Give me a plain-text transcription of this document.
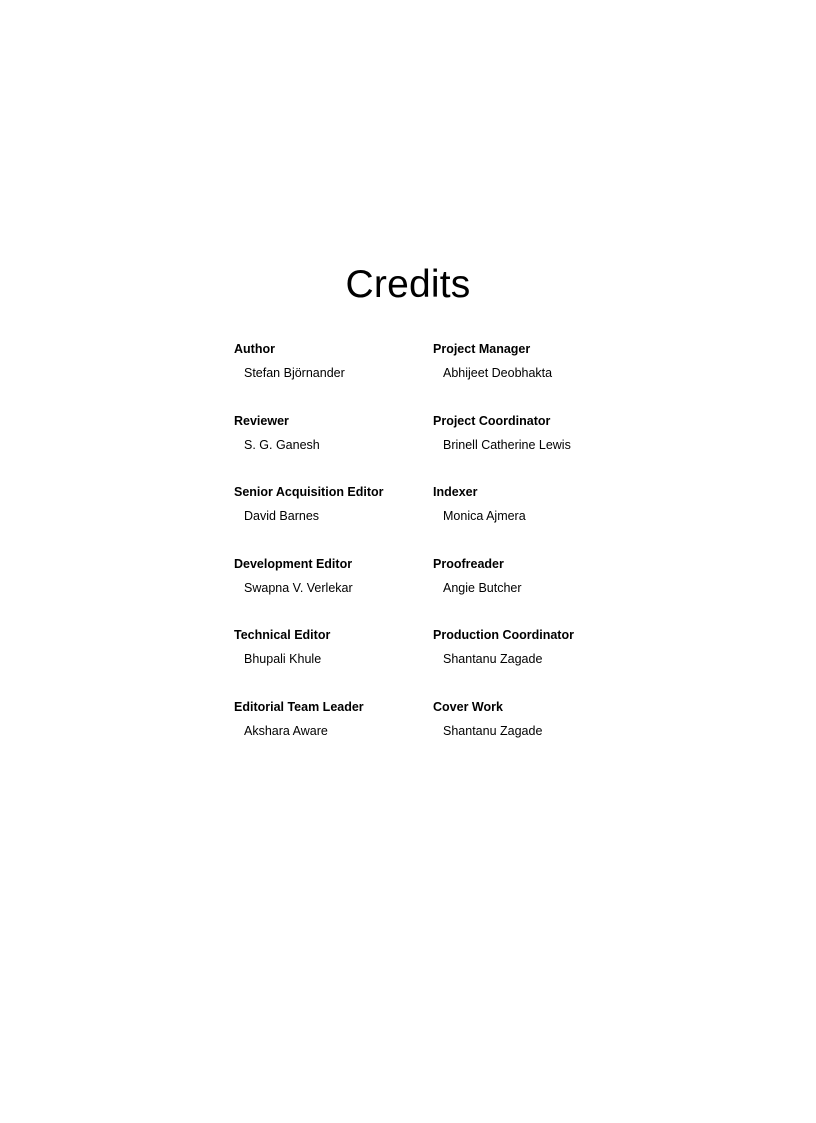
Credits
Author
Stefan Björnander
Project Manager
Abhijeet Deobhakta
Reviewer
S. G. Ganesh
Project Coordinator
Brinell Catherine Lewis
Senior Acquisition Editor
David Barnes
Indexer
Monica Ajmera
Development Editor
Swapna V. Verlekar
Proofreader
Angie Butcher
Technical Editor
Bhupali Khule
Production Coordinator
Shantanu Zagade
Editorial Team Leader
Akshara Aware
Cover Work
Shantanu Zagade
